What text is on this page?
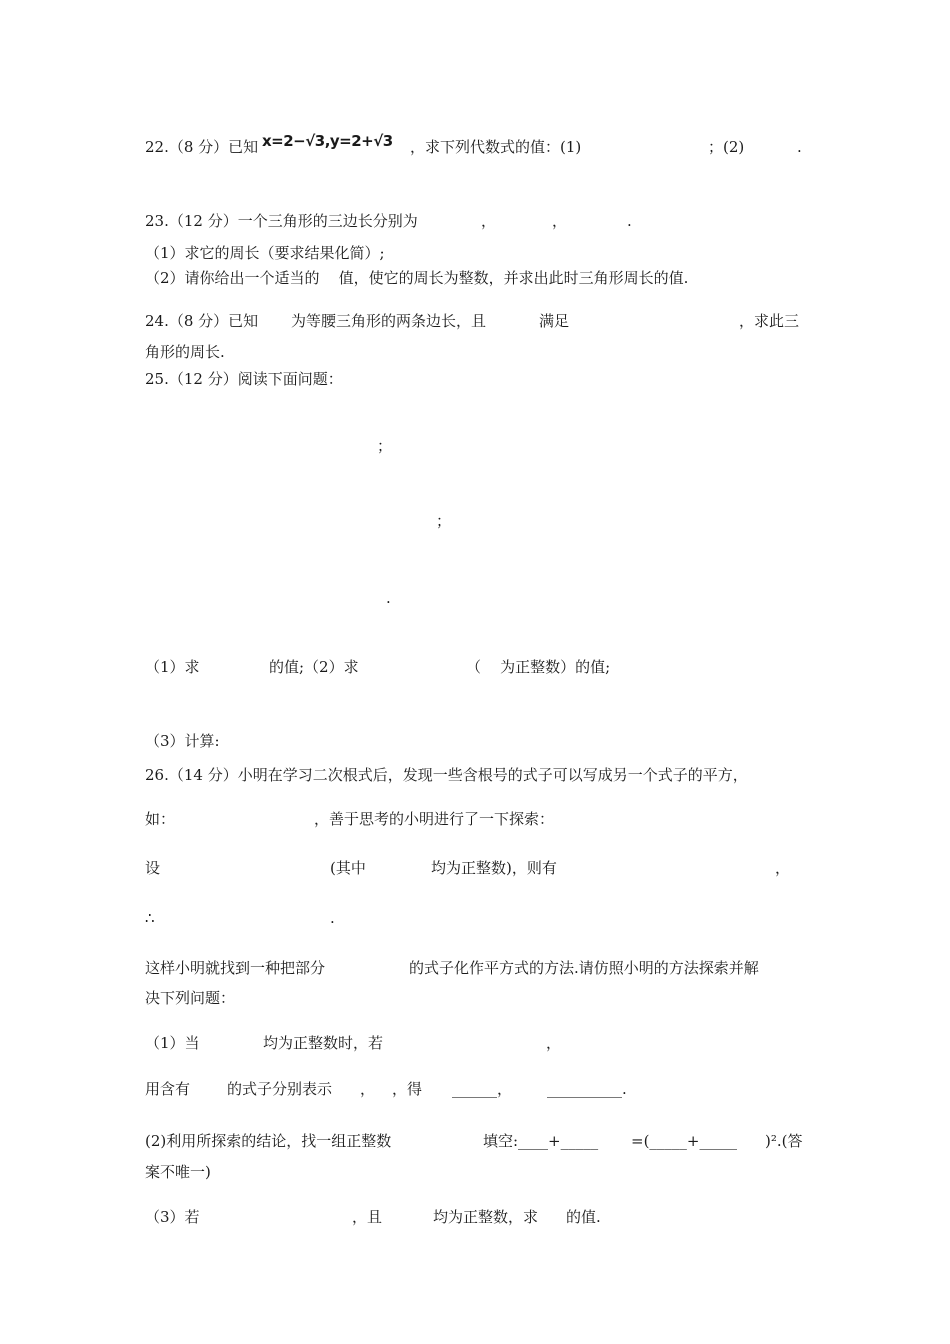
22.（8 分）已知 x=2−√3,y=2+√3 ，求下列代数式的值：(1)	；(2)	.
23.（12 分）一个三角形的三边长分别为	，	，	.
（1）求它的周长（要求结果化简）;
（2）请你给出一个适当的    值，使它的周长为整数，并求出此时三角形周长的值.
24.（8 分）已知 为等腰三角形的两条边长，且	满足	，求此三
角形的周长.
25.（12 分）阅读下面问题：
；
；
.
（1）求	的值;（2）求	（    为正整数）的值;
（3）计算:
26.（14 分）小明在学习二次根式后，发现一些含根号的式子可以写成另一个式子的平方，
如：	，善于思考的小明进行了一下探索：
设	(其中	均为正整数)，则有	，
∴	.
这样小明就找到一种把部分	的式子化作平方式的方法.请仿照小明的方法探索并解
决下列问题：
（1）当	均为正整数时，若	，
用含有 的式子分别表示 ， ，得 ______， __________.
(2)利用所探索的结论，找一组正整数	填空:____+_____ =(_____+_____ )².(答
案不唯一)
（3）若	，且	均为正整数，求 的值.
